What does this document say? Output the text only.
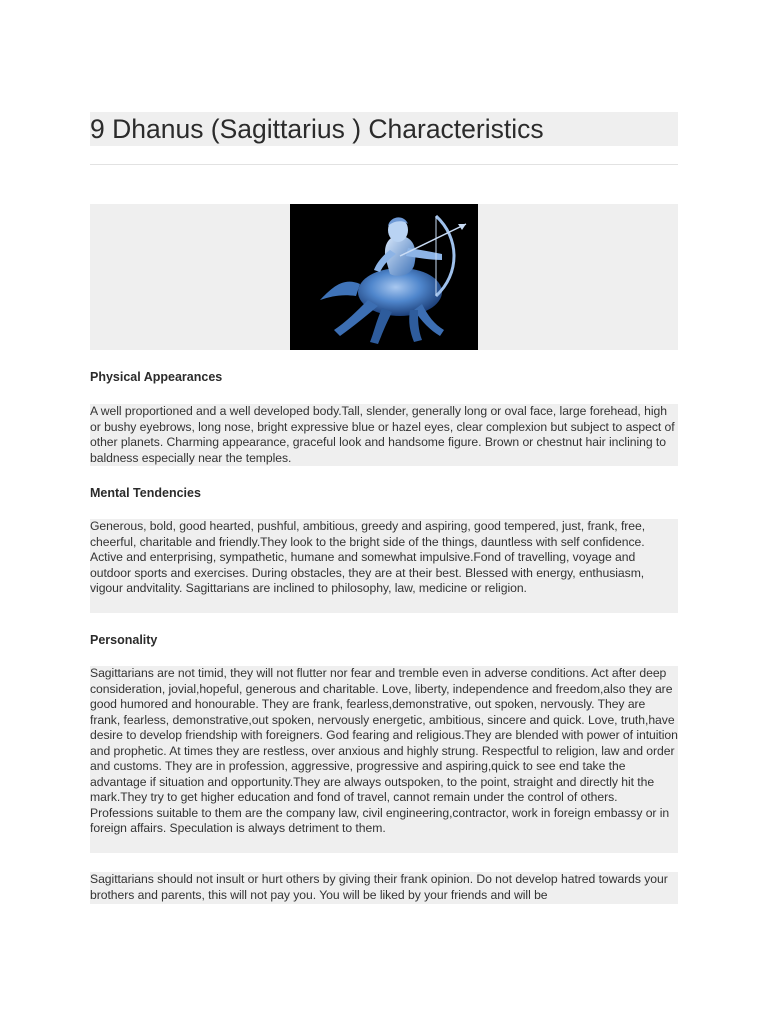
9 Dhanus (Sagittarius ) Characteristics
Physical Appearances

A well proportioned and a well developed body.Tall, slender, generally long or oval face, large forehead, high or bushy eyebrows, long nose, bright expressive blue or hazel eyes, clear complexion but subject to aspect of other planets. Charming appearance, graceful look and handsome figure. Brown or chestnut hair inclining to baldness especially near the temples.

Mental Tendencies

Generous, bold, good hearted, pushful, ambitious, greedy and aspiring, good tempered, just, frank, free, cheerful, charitable and friendly.They look to the bright side of the things, dauntless with self confidence. Active and enterprising, sympathetic, humane and somewhat impulsive.Fond of travelling, voyage and outdoor sports and exercises. During obstacles, they are at their best. Blessed with energy, enthusiasm, vigour andvitality. Sagittarians are inclined to philosophy, law, medicine or religion.

Personality

Sagittarians are not timid, they will not flutter nor fear and tremble even in adverse conditions. Act after deep consideration, jovial,hopeful, generous and charitable. Love, liberty, independence and freedom,also they are good humored and honourable. They are frank, fearless,demonstrative, out spoken, nervously. They are frank, fearless, demonstrative,out spoken, nervously energetic, ambitious, sincere and quick. Love, truth,have desire to develop friendship with foreigners. God fearing and religious.They are blended with power of intuition and prophetic. At times they are restless, over anxious and highly strung. Respectful to religion, law and order and customs. They are in profession, aggressive, progressive and aspiring,quick to see end take the advantage if situation and opportunity.They are always outspoken, to the point, straight and directly hit the mark.They try to get higher education and fond of travel, cannot remain under the control of others. Professions suitable to them are the company law, civil engineering,contractor, work in foreign embassy or in foreign affairs. Speculation is always detriment to them.

Sagittarians should not insult or hurt others by giving their frank opinion. Do not develop hatred towards your brothers and parents, this will not pay you. You will be liked by your friends and will be
